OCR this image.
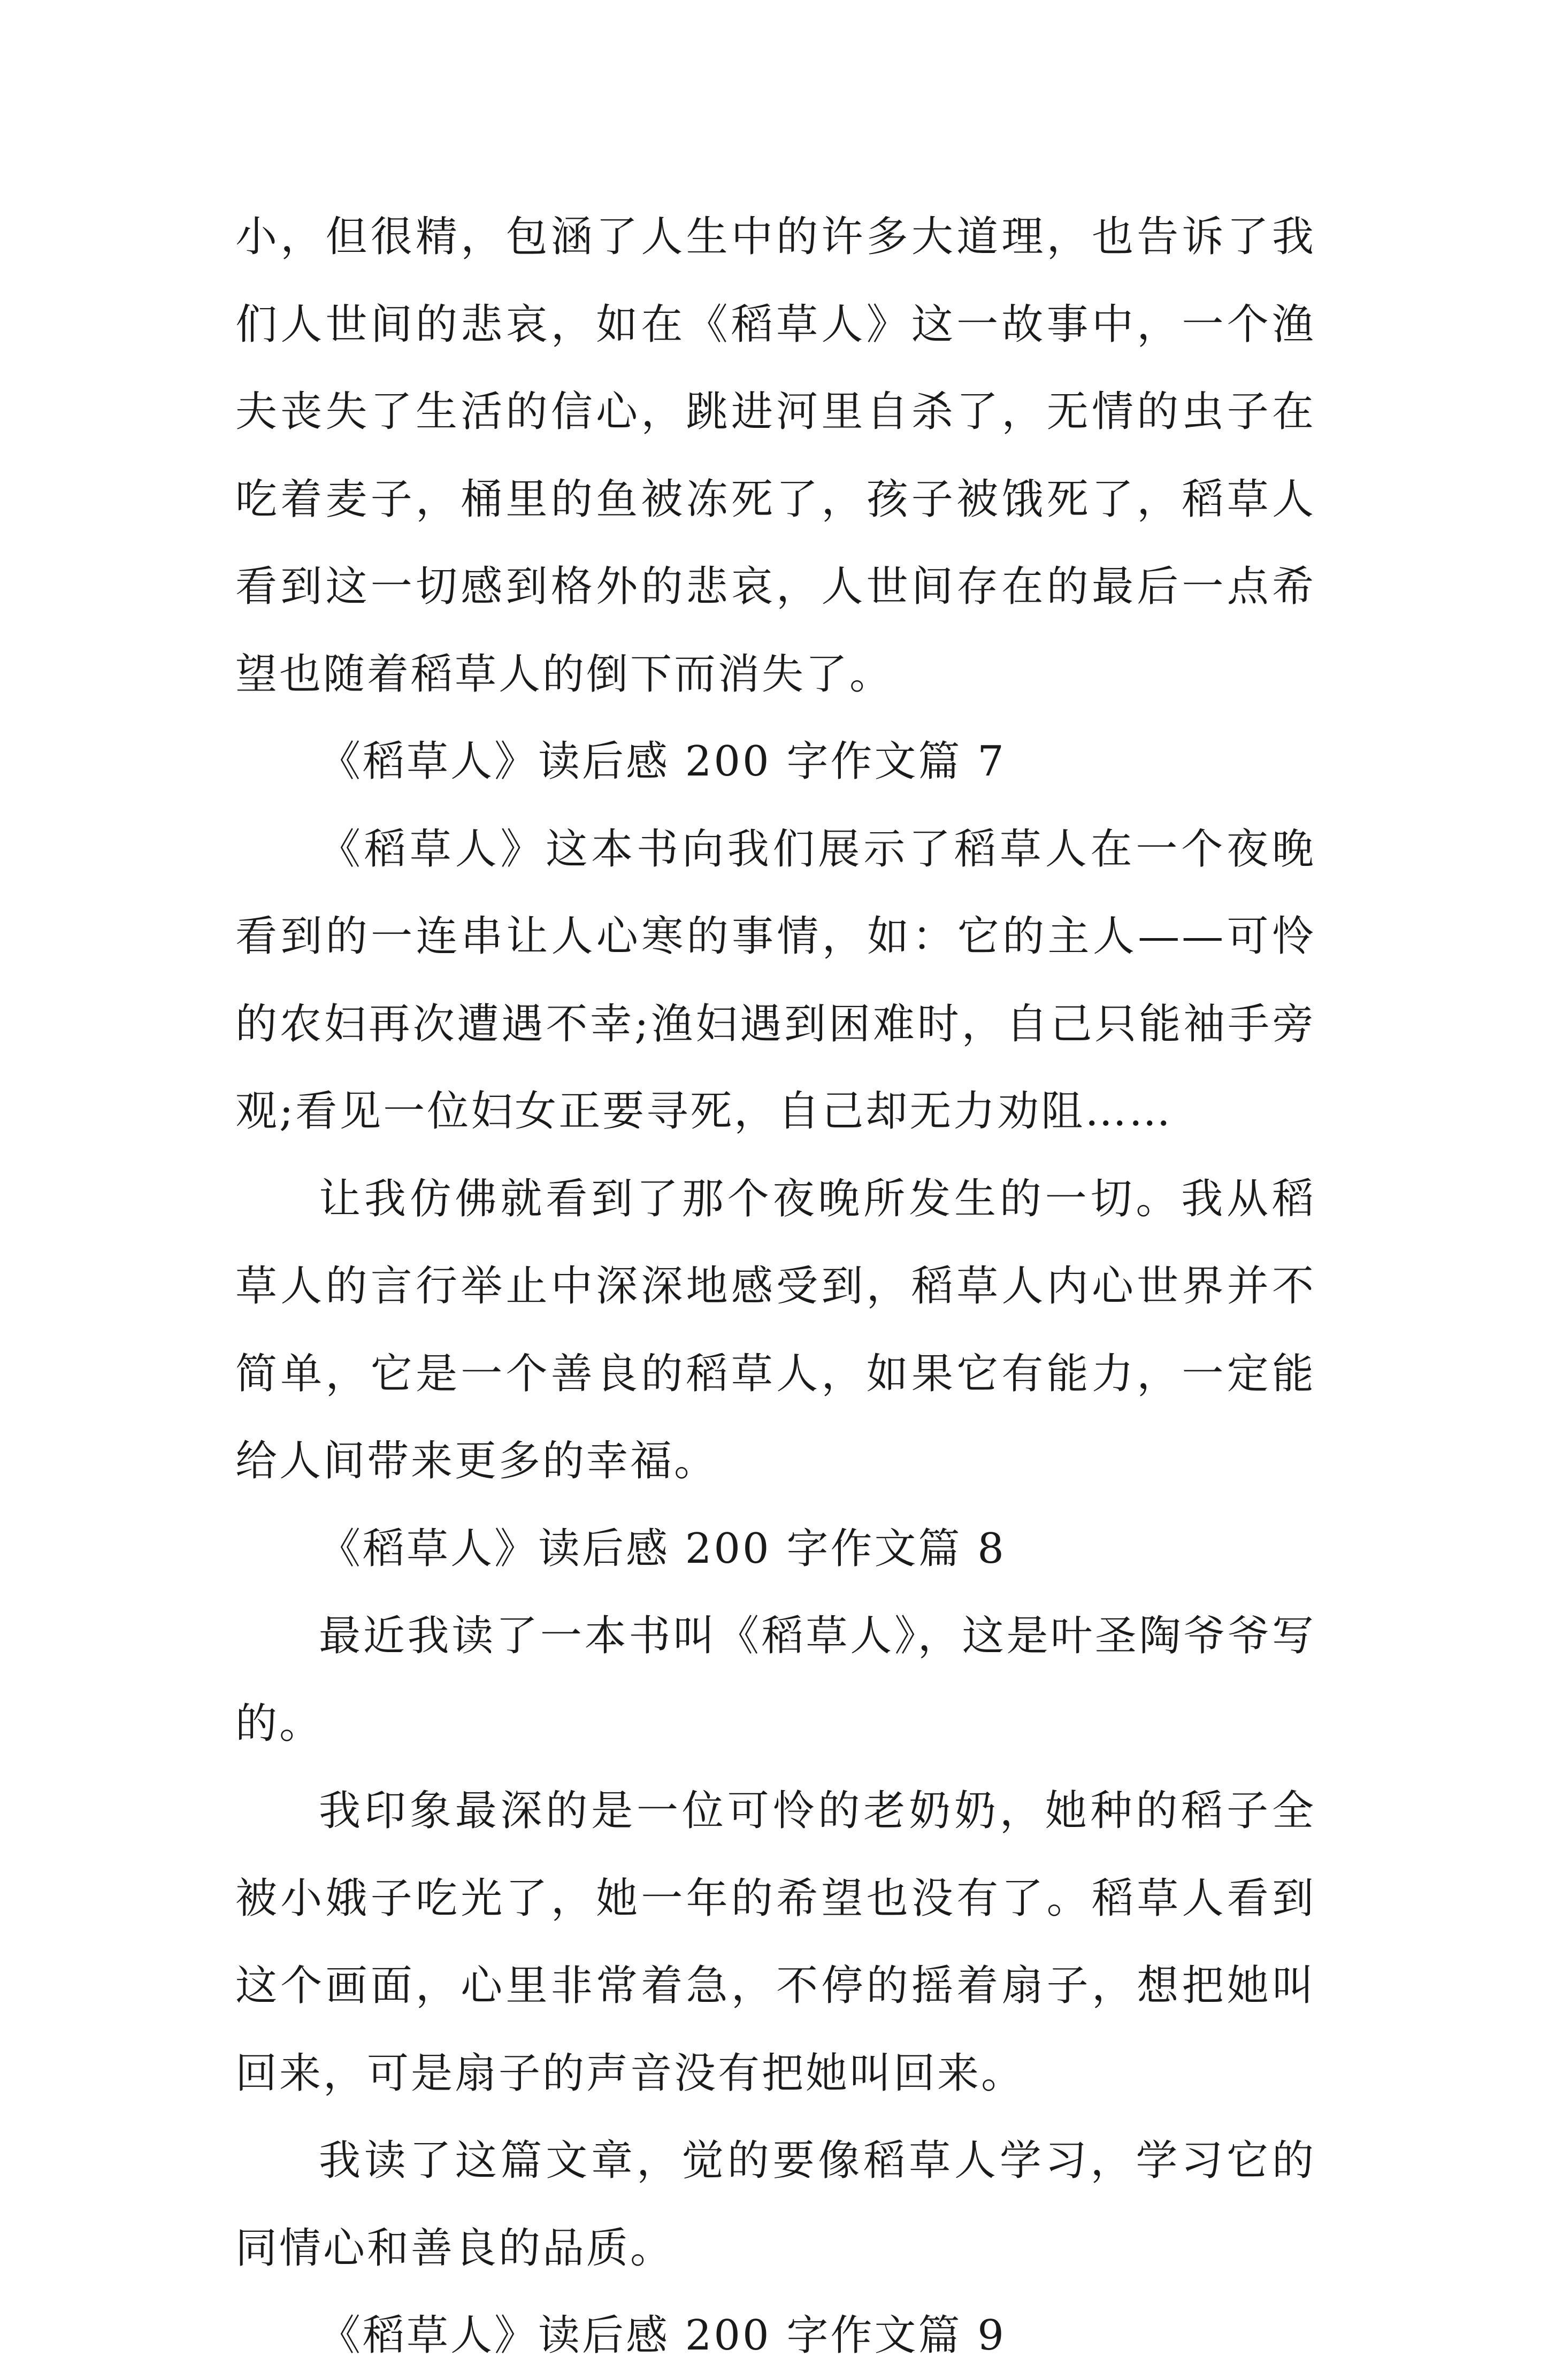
小，但很精，包涵了人生中的许多大道理，也告诉了我们人世间的悲哀，如在《稻草人》这一故事中，一个渔夫丧失了生活的信心，跳进河里自杀了，无情的虫子在吃着麦子，桶里的鱼被冻死了，孩子被饿死了，稻草人看到这一切感到格外的悲哀，人世间存在的最后一点希望也随着稻草人的倒下而消失了。

《稻草人》读后感 200 字作文篇 7

《稻草人》这本书向我们展示了稻草人在一个夜晚看到的一连串让人心寒的事情，如：它的主人——可怜的农妇再次遭遇不幸;渔妇遇到困难时，自己只能袖手旁观;看见一位妇女正要寻死，自己却无力劝阻……

让我仿佛就看到了那个夜晚所发生的一切。我从稻草人的言行举止中深深地感受到，稻草人内心世界并不简单，它是一个善良的稻草人，如果它有能力，一定能给人间带来更多的幸福。

《稻草人》读后感 200 字作文篇 8

最近我读了一本书叫《稻草人》，这是叶圣陶爷爷写的。

我印象最深的是一位可怜的老奶奶，她种的稻子全被小娥子吃光了，她一年的希望也没有了。稻草人看到这个画面，心里非常着急，不停的摇着扇子，想把她叫回来，可是扇子的声音没有把她叫回来。

我读了这篇文章，觉的要像稻草人学习，学习它的同情心和善良的品质。

《稻草人》读后感 200 字作文篇 9
